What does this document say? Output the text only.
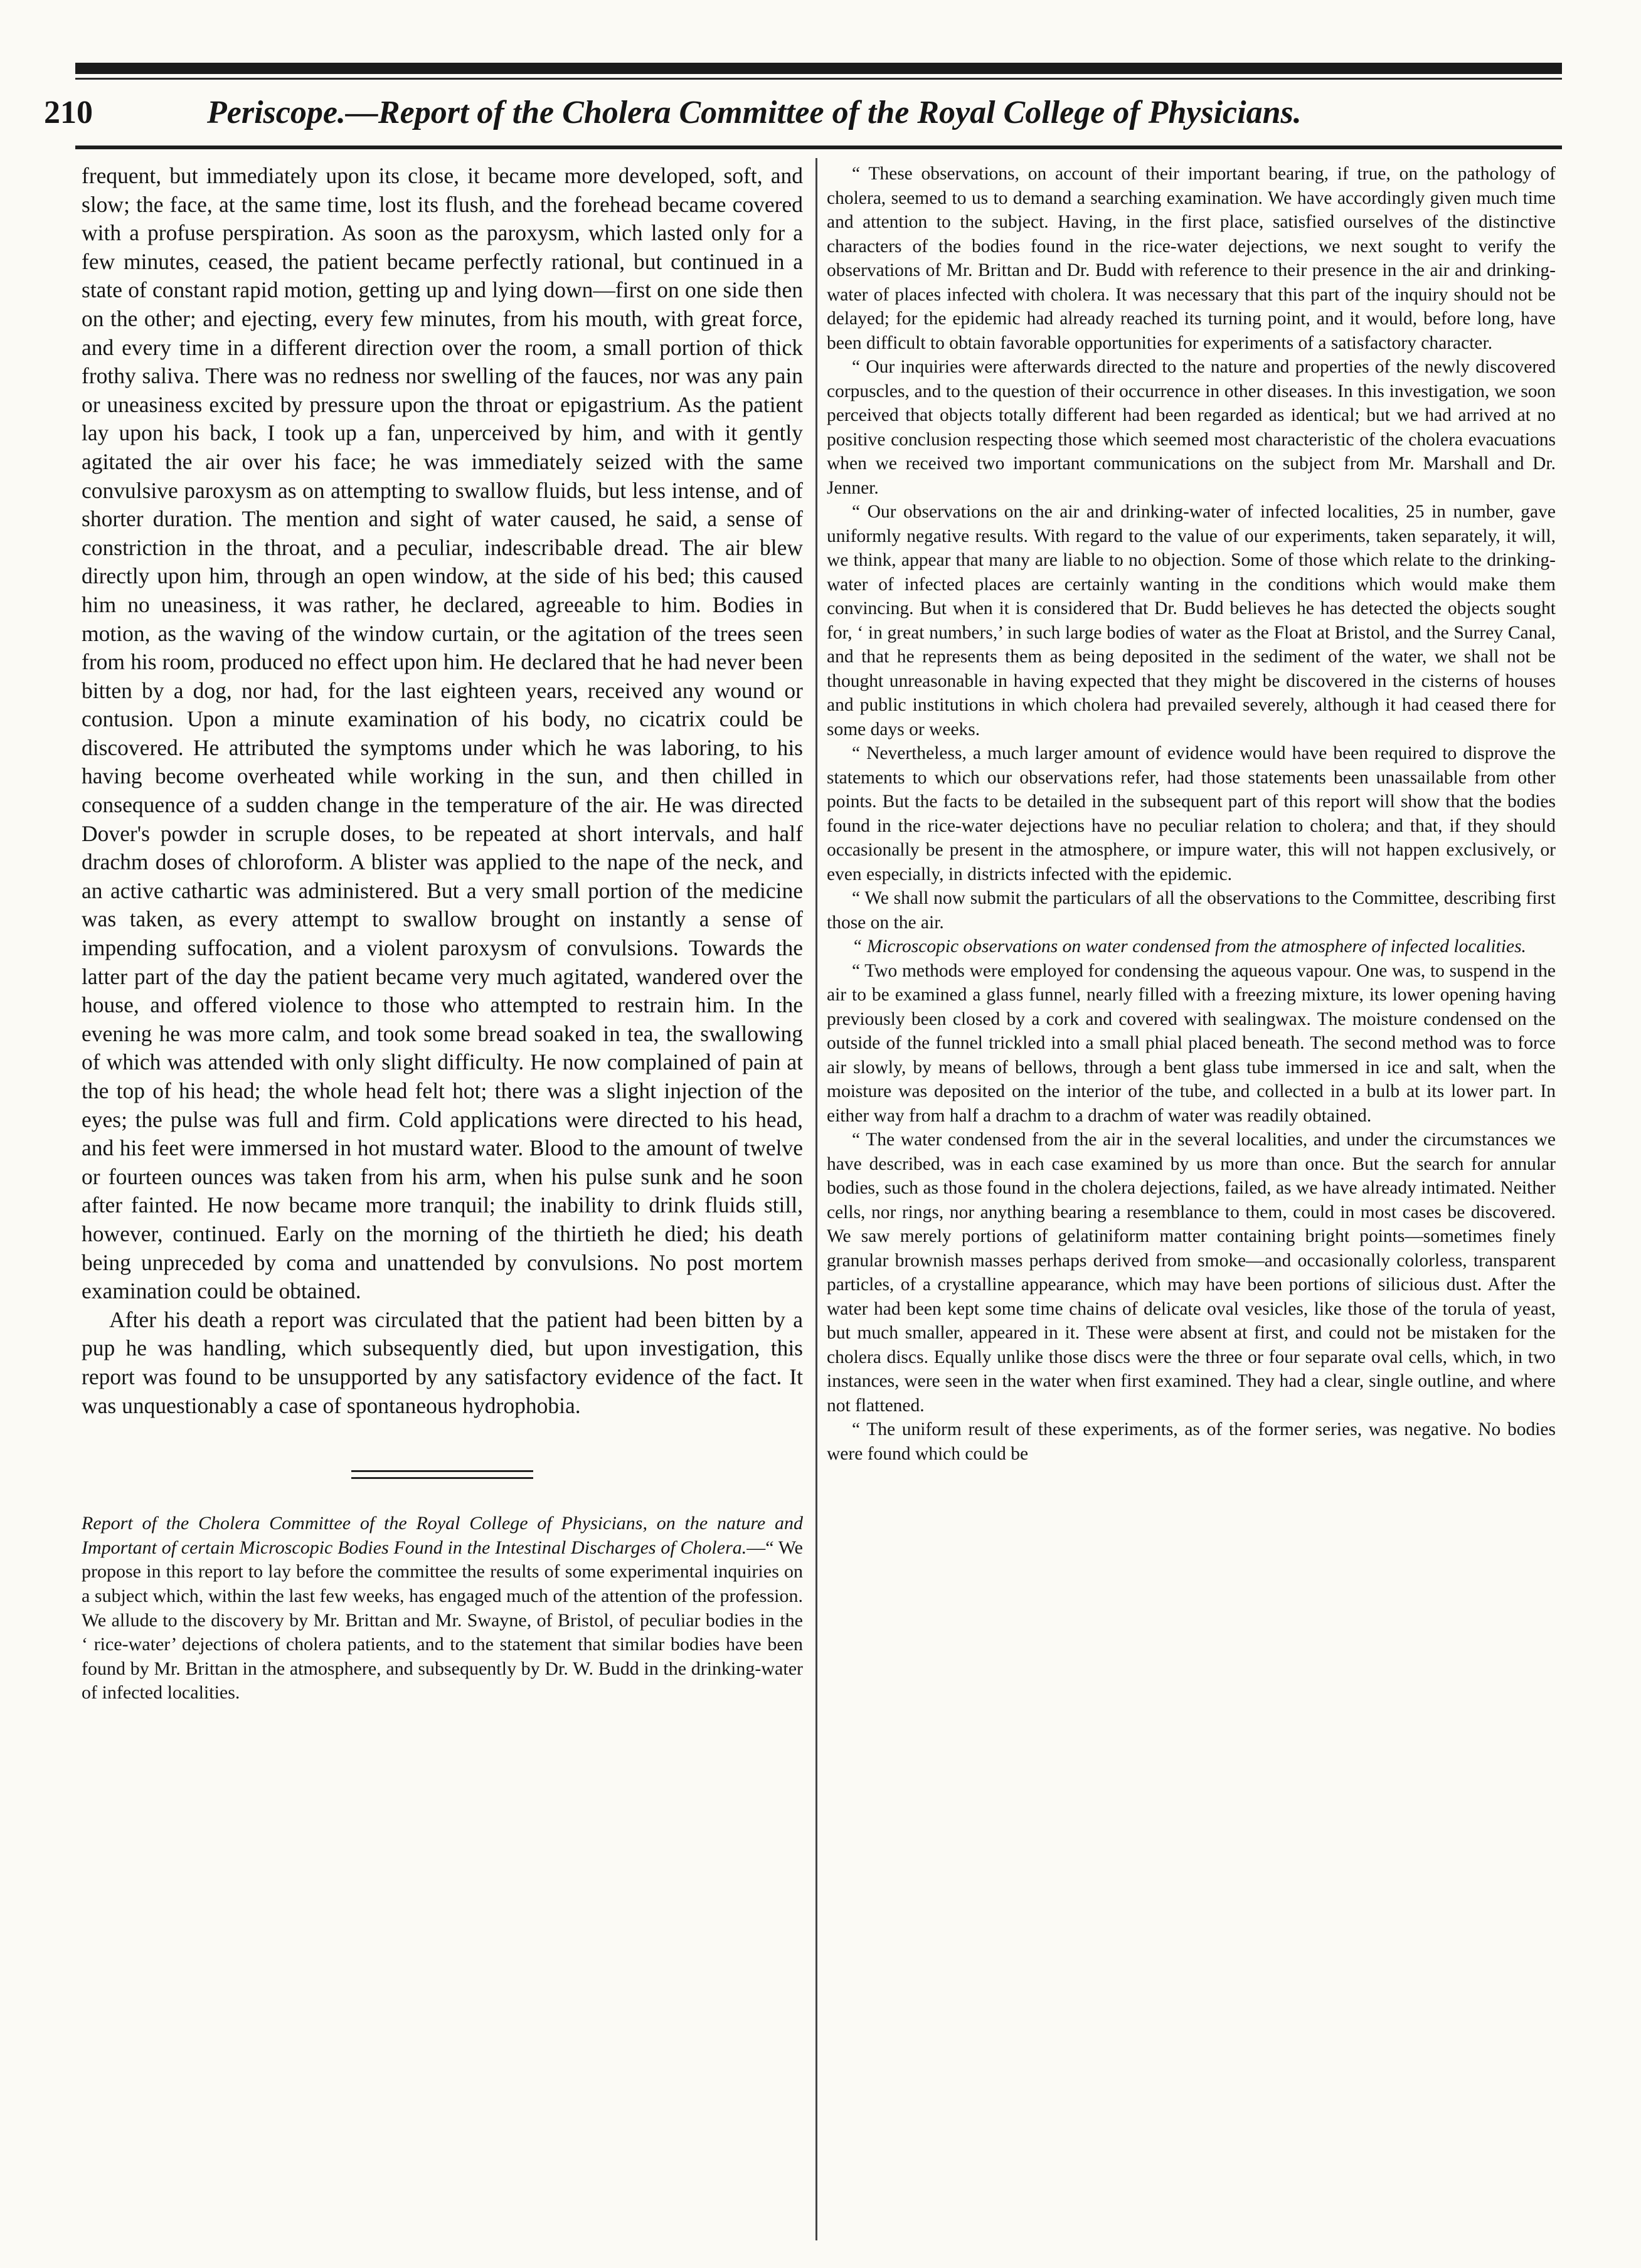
210	Periscope.—Report of the Cholera Committee of the Royal College of Physicians.

frequent, but immediately upon its close, it became more developed, soft, and slow; the face, at the same time, lost its flush, and the forehead became covered with a profuse perspiration. As soon as the paroxysm, which lasted only for a few minutes, ceased, the patient became perfectly rational, but continued in a state of constant rapid motion, getting up and lying down—first on one side then on the other; and ejecting, every few minutes, from his mouth, with great force, and every time in a different direction over the room, a small portion of thick frothy saliva. There was no redness nor swelling of the fauces, nor was any pain or uneasiness excited by pressure upon the throat or epigastrium. As the patient lay upon his back, I took up a fan, unperceived by him, and with it gently agitated the air over his face; he was immediately seized with the same convulsive paroxysm as on attempting to swallow fluids, but less intense, and of shorter duration. The mention and sight of water caused, he said, a sense of constriction in the throat, and a peculiar, indescribable dread. The air blew directly upon him, through an open window, at the side of his bed; this caused him no uneasiness, it was rather, he declared, agreeable to him. Bodies in motion, as the waving of the window curtain, or the agitation of the trees seen from his room, produced no effect upon him. He declared that he had never been bitten by a dog, nor had, for the last eighteen years, received any wound or contusion. Upon a minute examination of his body, no cicatrix could be discovered. He attributed the symptoms under which he was laboring, to his having become overheated while working in the sun, and then chilled in consequence of a sudden change in the temperature of the air. He was directed Dover's powder in scruple doses, to be repeated at short intervals, and half drachm doses of chloroform. A blister was applied to the nape of the neck, and an active cathartic was administered. But a very small portion of the medicine was taken, as every attempt to swallow brought on instantly a sense of impending suffocation, and a violent paroxysm of convulsions. Towards the latter part of the day the patient became very much agitated, wandered over the house, and offered violence to those who attempted to restrain him. In the evening he was more calm, and took some bread soaked in tea, the swallowing of which was attended with only slight difficulty. He now complained of pain at the top of his head; the whole head felt hot; there was a slight injection of the eyes; the pulse was full and firm. Cold applications were directed to his head, and his feet were immersed in hot mustard water. Blood to the amount of twelve or fourteen ounces was taken from his arm, when his pulse sunk and he soon after fainted. He now became more tranquil; the inability to drink fluids still, however, continued. Early on the morning of the thirtieth he died; his death being unpreceded by coma and unattended by convulsions. No post mortem examination could be obtained.

After his death a report was circulated that the patient had been bitten by a pup he was handling, which subsequently died, but upon investigation, this report was found to be unsupported by any satisfactory evidence of the fact. It was unquestionably a case of spontaneous hydrophobia.

Report of the Cholera Committee of the Royal College of Physicians, on the nature and Important of certain Microscopic Bodies Found in the Intestinal Discharges of Cholera.—“ We propose in this report to lay before the committee the results of some experimental inquiries on a subject which, within the last few weeks, has engaged much of the attention of the profession. We allude to the discovery by Mr. Brittan and Mr. Swayne, of Bristol, of peculiar bodies in the ‘ rice-water’ dejections of cholera patients, and to the statement that similar bodies have been found by Mr. Brittan in the atmosphere, and subsequently by Dr. W. Budd in the drinking-water of infected localities.

“ These observations, on account of their important bearing, if true, on the pathology of cholera, seemed to us to demand a searching examination. We have accordingly given much time and attention to the subject. Having, in the first place, satisfied ourselves of the distinctive characters of the bodies found in the rice-water dejections, we next sought to verify the observations of Mr. Brittan and Dr. Budd with reference to their presence in the air and drinking-water of places infected with cholera. It was necessary that this part of the inquiry should not be delayed; for the epidemic had already reached its turning point, and it would, before long, have been difficult to obtain favorable opportunities for experiments of a satisfactory character.

“ Our inquiries were afterwards directed to the nature and properties of the newly discovered corpuscles, and to the question of their occurrence in other diseases. In this investigation, we soon perceived that objects totally different had been regarded as identical; but we had arrived at no positive conclusion respecting those which seemed most characteristic of the cholera evacuations when we received two important communications on the subject from Mr. Marshall and Dr. Jenner.

“ Our observations on the air and drinking-water of infected localities, 25 in number, gave uniformly negative results. With regard to the value of our experiments, taken separately, it will, we think, appear that many are liable to no objection. Some of those which relate to the drinking-water of infected places are certainly wanting in the conditions which would make them convincing. But when it is considered that Dr. Budd believes he has detected the objects sought for, ‘ in great numbers,’ in such large bodies of water as the Float at Bristol, and the Surrey Canal, and that he represents them as being deposited in the sediment of the water, we shall not be thought unreasonable in having expected that they might be discovered in the cisterns of houses and public institutions in which cholera had prevailed severely, although it had ceased there for some days or weeks.

“ Nevertheless, a much larger amount of evidence would have been required to disprove the statements to which our observations refer, had those statements been unassailable from other points. But the facts to be detailed in the subsequent part of this report will show that the bodies found in the rice-water dejections have no peculiar relation to cholera; and that, if they should occasionally be present in the atmosphere, or impure water, this will not happen exclusively, or even especially, in districts infected with the epidemic.

“ We shall now submit the particulars of all the observations to the Committee, describing first those on the air.

“ Microscopic observations on water condensed from the atmosphere of infected localities.

“ Two methods were employed for condensing the aqueous vapour. One was, to suspend in the air to be examined a glass funnel, nearly filled with a freezing mixture, its lower opening having previously been closed by a cork and covered with sealingwax. The moisture condensed on the outside of the funnel trickled into a small phial placed beneath. The second method was to force air slowly, by means of bellows, through a bent glass tube immersed in ice and salt, when the moisture was deposited on the interior of the tube, and collected in a bulb at its lower part. In either way from half a drachm to a drachm of water was readily obtained.

“ The water condensed from the air in the several localities, and under the circumstances we have described, was in each case examined by us more than once. But the search for annular bodies, such as those found in the cholera dejections, failed, as we have already intimated. Neither cells, nor rings, nor anything bearing a resemblance to them, could in most cases be discovered. We saw merely portions of gelatiniform matter containing bright points—sometimes finely granular brownish masses perhaps derived from smoke—and occasionally colorless, transparent particles, of a crystalline appearance, which may have been portions of silicious dust. After the water had been kept some time chains of delicate oval vesicles, like those of the torula of yeast, but much smaller, appeared in it. These were absent at first, and could not be mistaken for the cholera discs. Equally unlike those discs were the three or four separate oval cells, which, in two instances, were seen in the water when first examined. They had a clear, single outline, and where not flattened.

“ The uniform result of these experiments, as of the former series, was negative. No bodies were found which could be
